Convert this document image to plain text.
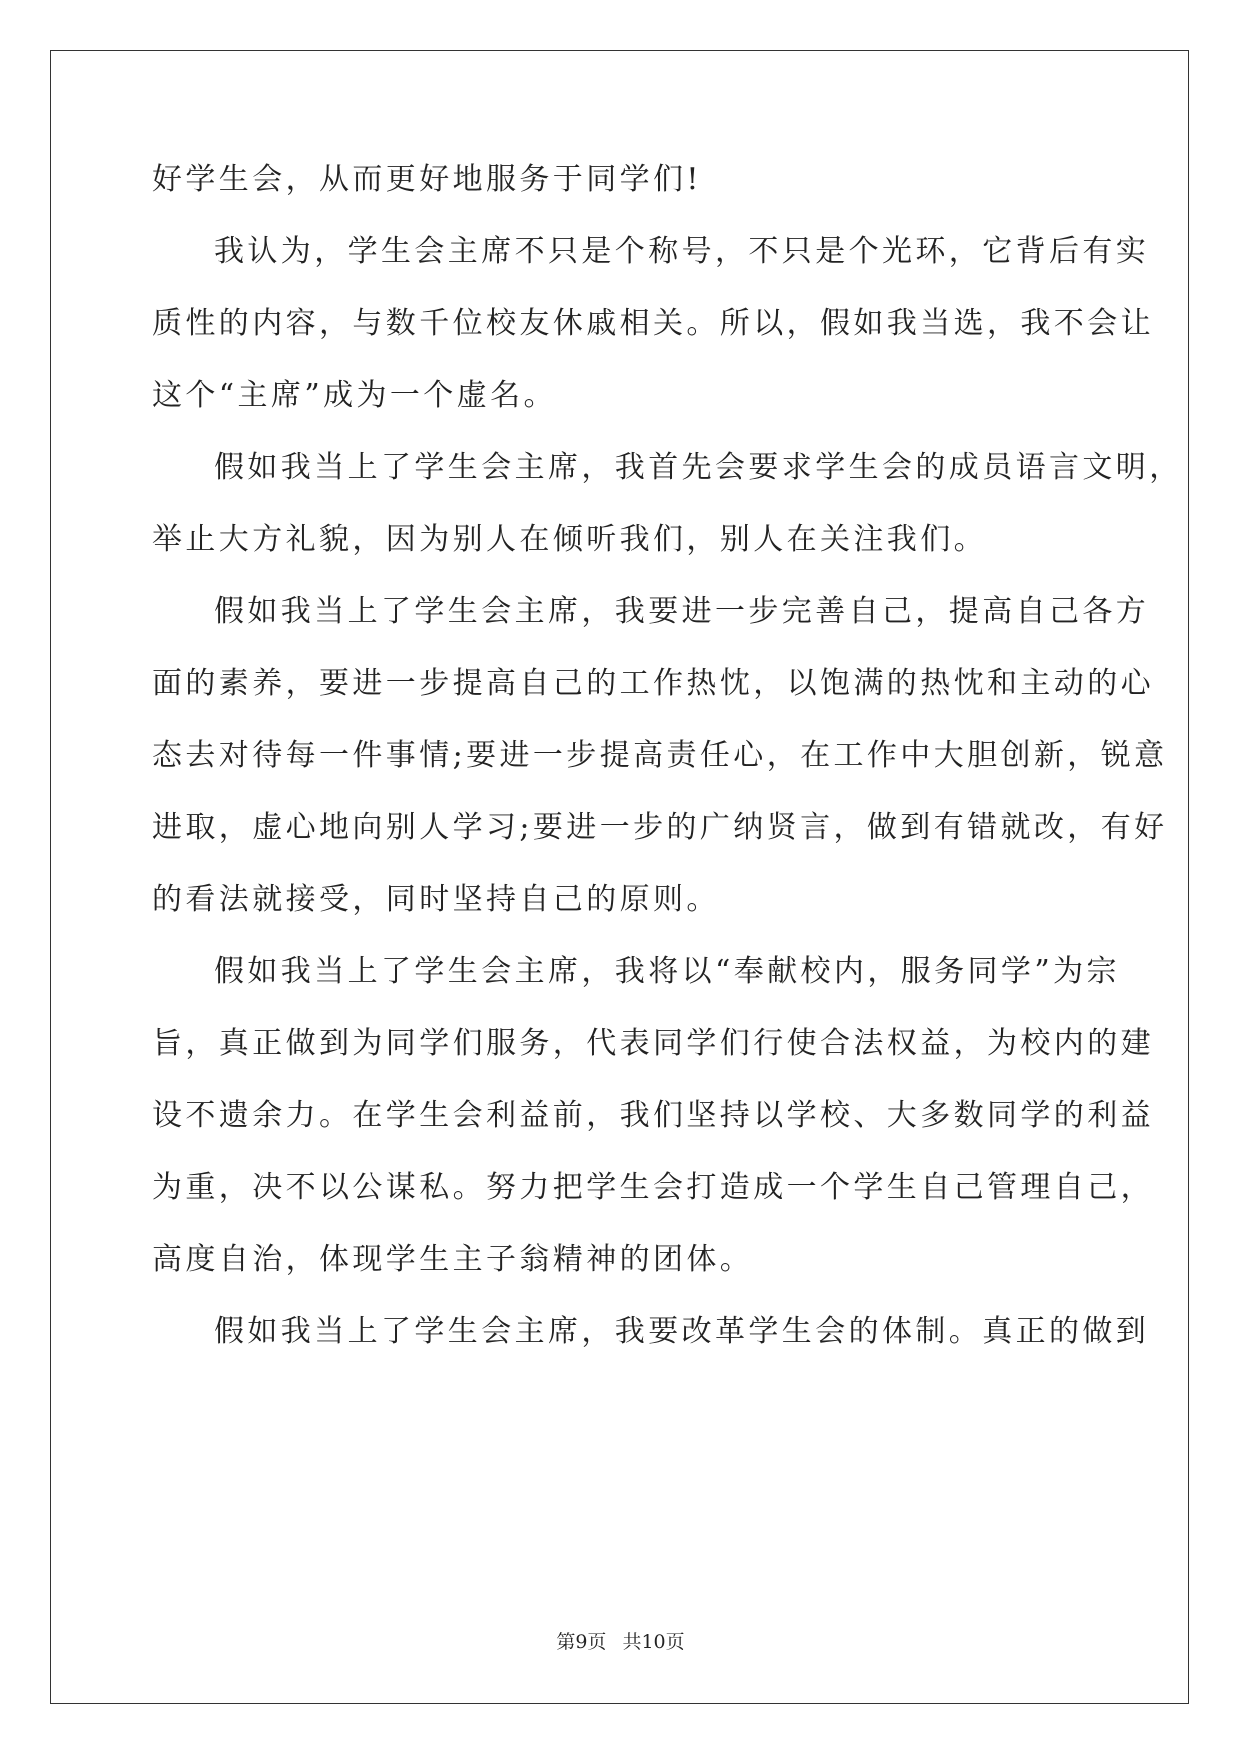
好学生会，从而更好地服务于同学们!
我认为，学生会主席不只是个称号，不只是个光环，它背后有实
质性的内容，与数千位校友休戚相关。所以，假如我当选，我不会让
这个“主席”成为一个虚名。
假如我当上了学生会主席，我首先会要求学生会的成员语言文明，
举止大方礼貌，因为别人在倾听我们，别人在关注我们。
假如我当上了学生会主席，我要进一步完善自己，提高自己各方
面的素养，要进一步提高自己的工作热忱，以饱满的热忱和主动的心
态去对待每一件事情;要进一步提高责任心，在工作中大胆创新，锐意
进取，虚心地向别人学习;要进一步的广纳贤言，做到有错就改，有好
的看法就接受，同时坚持自己的原则。
假如我当上了学生会主席，我将以“奉献校内，服务同学”为宗
旨，真正做到为同学们服务，代表同学们行使合法权益，为校内的建
设不遗余力。在学生会利益前，我们坚持以学校、大多数同学的利益
为重，决不以公谋私。努力把学生会打造成一个学生自己管理自己，
高度自治，体现学生主子翁精神的团体。
假如我当上了学生会主席，我要改革学生会的体制。真正的做到
第9页 共10页
